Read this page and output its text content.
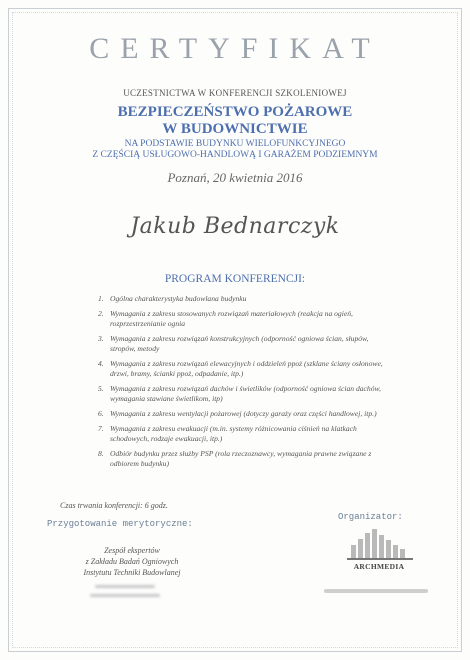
CERTYFIKAT
UCZESTNICTWA W KONFERENCJI SZKOLENIOWEJ
BEZPIECZEŃSTWO POŻAROWE
W BUDOWNICTWIE
NA PODSTAWIE BUDYNKU WIELOFUNKCYJNEGO
Z CZĘŚCIĄ USŁUGOWO-HANDLOWĄ I GARAŻEM PODZIEMNYM
Poznań, 20 kwietnia 2016
Jakub Bednarczyk
PROGRAM KONFERENCJI:
1. Ogólna charakterystyka budowlana budynku
2. Wymagania z zakresu stosowanych rozwiązań materiałowych (reakcja na ogień, rozprzestrzenianie ognia
3. Wymagania z zakresu rozwiązań konstrukcyjnych (odporność ogniowa ścian, słupów, stropów, metody
4. Wymagania z zakresu rozwiązań elewacyjnych i oddzieleń ppoż (szklane ściany osłonowe, drzwi, bramy, ścianki ppoż, odpadanie, itp.)
5. Wymagania z zakresu rozwiązań dachów i świetlików (odporność ogniowa ścian dachów, wymagania stawiane świetlikom, itp)
6. Wymagania z zakresu wentylacji pożarowej (dotyczy garaży oraz części handlowej, itp.)
7. Wymagania z zakresu ewakuacji (m.in. systemy różnicowania ciśnień na klatkach schodowych, rodzaje ewakuacji, itp.)
8. Odbiór budynku przez służby PSP (rola rzeczoznawcy, wymagania prawne związane z odbiorem budynku)
Czas trwania konferencji: 6 godz.
Przygotowanie merytoryczne:
Zespół ekspertów
z Zakładu Badań Ogniowych
Instytutu Techniki Budowlanej
Organizator:
ARCHMEDIA
